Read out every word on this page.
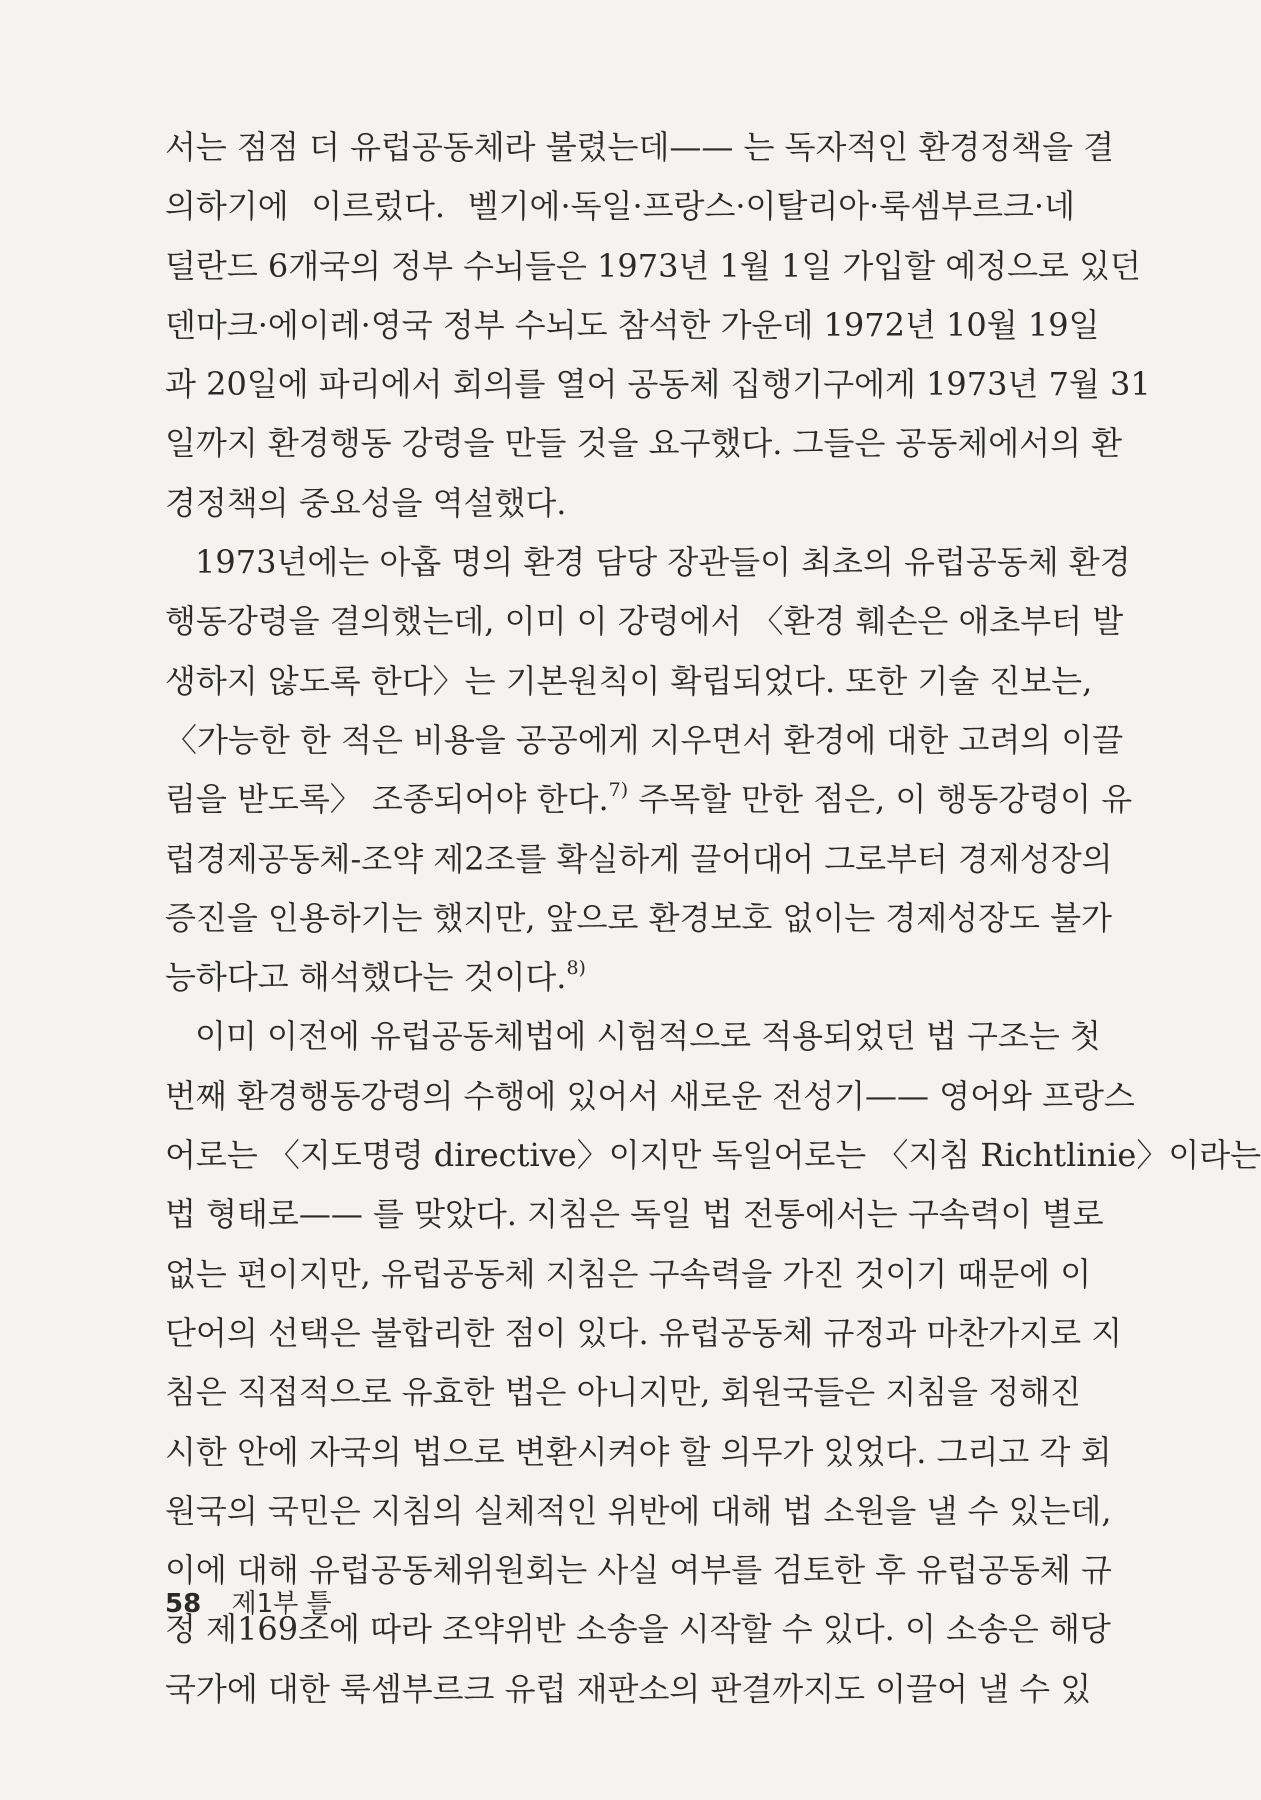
서는 점점 더 유럽공동체라 불렸는데—— 는 독자적인 환경정책을 결
의하기에 이르렀다. 벨기에·독일·프랑스·이탈리아·룩셈부르크·네
덜란드 6개국의 정부 수뇌들은 1973년 1월 1일 가입할 예정으로 있던
덴마크·에이레·영국 정부 수뇌도 참석한 가운데 1972년 10월 19일
과 20일에 파리에서 회의를 열어 공동체 집행기구에게 1973년 7월 31
일까지 환경행동 강령을 만들 것을 요구했다. 그들은 공동체에서의 환
경정책의 중요성을 역설했다.
1973년에는 아홉 명의 환경 담당 장관들이 최초의 유럽공동체 환경
행동강령을 결의했는데, 이미 이 강령에서 〈환경 훼손은 애초부터 발
생하지 않도록 한다〉는 기본원칙이 확립되었다. 또한 기술 진보는,
〈가능한 한 적은 비용을 공공에게 지우면서 환경에 대한 고려의 이끌
림을 받도록〉 조종되어야 한다.$^{7)}$ 주목할 만한 점은, 이 행동강령이 유
럽경제공동체-조약 제2조를 확실하게 끌어대어 그로부터 경제성장의
증진을 인용하기는 했지만, 앞으로 환경보호 없이는 경제성장도 불가
능하다고 해석했다는 것이다.$^{8)}$
이미 이전에 유럽공동체법에 시험적으로 적용되었던 법 구조는 첫
번째 환경행동강령의 수행에 있어서 새로운 전성기—— 영어와 프랑스
어로는 〈지도명령 directive〉이지만 독일어로는 〈지침 Richtlinie〉이라는
법 형태로—— 를 맞았다. 지침은 독일 법 전통에서는 구속력이 별로
없는 편이지만, 유럽공동체 지침은 구속력을 가진 것이기 때문에 이
단어의 선택은 불합리한 점이 있다. 유럽공동체 규정과 마찬가지로 지
침은 직접적으로 유효한 법은 아니지만, 회원국들은 지침을 정해진
시한 안에 자국의 법으로 변환시켜야 할 의무가 있었다. 그리고 각 회
원국의 국민은 지침의 실체적인 위반에 대해 법 소원을 낼 수 있는데,
이에 대해 유럽공동체위원회는 사실 여부를 검토한 후 유럽공동체 규
정 제169조에 따라 조약위반 소송을 시작할 수 있다. 이 소송은 해당
국가에 대한 룩셈부르크 유럽 재판소의 판결까지도 이끌어 낼 수 있
58 제1부 틀
